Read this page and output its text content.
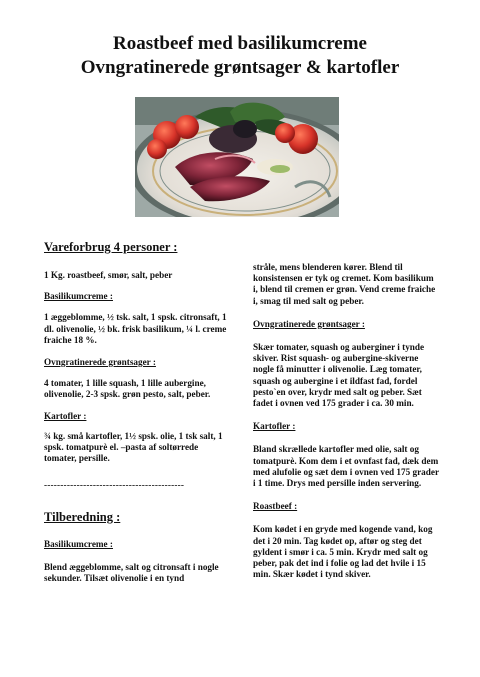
Roastbeef med basilikumcreme
Ovngratinerede grøntsager & kartofler

Vareforbrug 4 personer :

1 Kg. roastbeef, smør, salt, peber

Basilikumcreme :

1 æggeblomme, ½ tsk. salt, 1 spsk. citronsaft, 1 dl. olivenolie, ½ bk. frisk basilikum, ¼ l. creme fraiche 18 %.

Ovngratinerede grøntsager :

4 tomater, 1 lille squash, 1 lille aubergine, olivenolie, 2-3 spsk. grøn pesto, salt, peber.

Kartofler :

¾ kg. små kartofler, 1½ spsk. olie, 1 tsk salt, 1 spsk. tomatpurè el. –pasta af soltørrede tomater, persille.

-------------------------------------------

Tilberedning :

Basilikumcreme :

Blend æggeblomme, salt og citronsaft i nogle sekunder. Tilsæt olivenolie i en tynd

stråle, mens blenderen kører. Blend til konsistensen er tyk og cremet. Kom basilikum i, blend til cremen er grøn. Vend creme fraiche i, smag til med salt og peber.

Ovngratinerede grøntsager :

Skær tomater, squash og auberginer i tynde skiver. Rist squash- og aubergine-skiverne nogle få minutter i olivenolie. Læg tomater, squash og aubergine i et ildfast fad, fordel pesto`en over, krydr med salt og peber. Sæt fadet i ovnen ved 175 grader i ca. 30 min.

Kartofler :

Bland skrællede kartofler med olie, salt og tomatpurè. Kom dem i et ovnfast fad, dæk dem med alufolie og sæt dem i ovnen ved 175 grader i 1 time. Drys med persille inden servering.

Roastbeef :

Kom kødet i en gryde med kogende vand, kog det i 20 min. Tag kødet op, aftør og steg det gyldent i smør i ca. 5 min. Krydr med salt og peber, pak det ind i folie og lad det hvile i 15 min. Skær kødet i tynd skiver.
